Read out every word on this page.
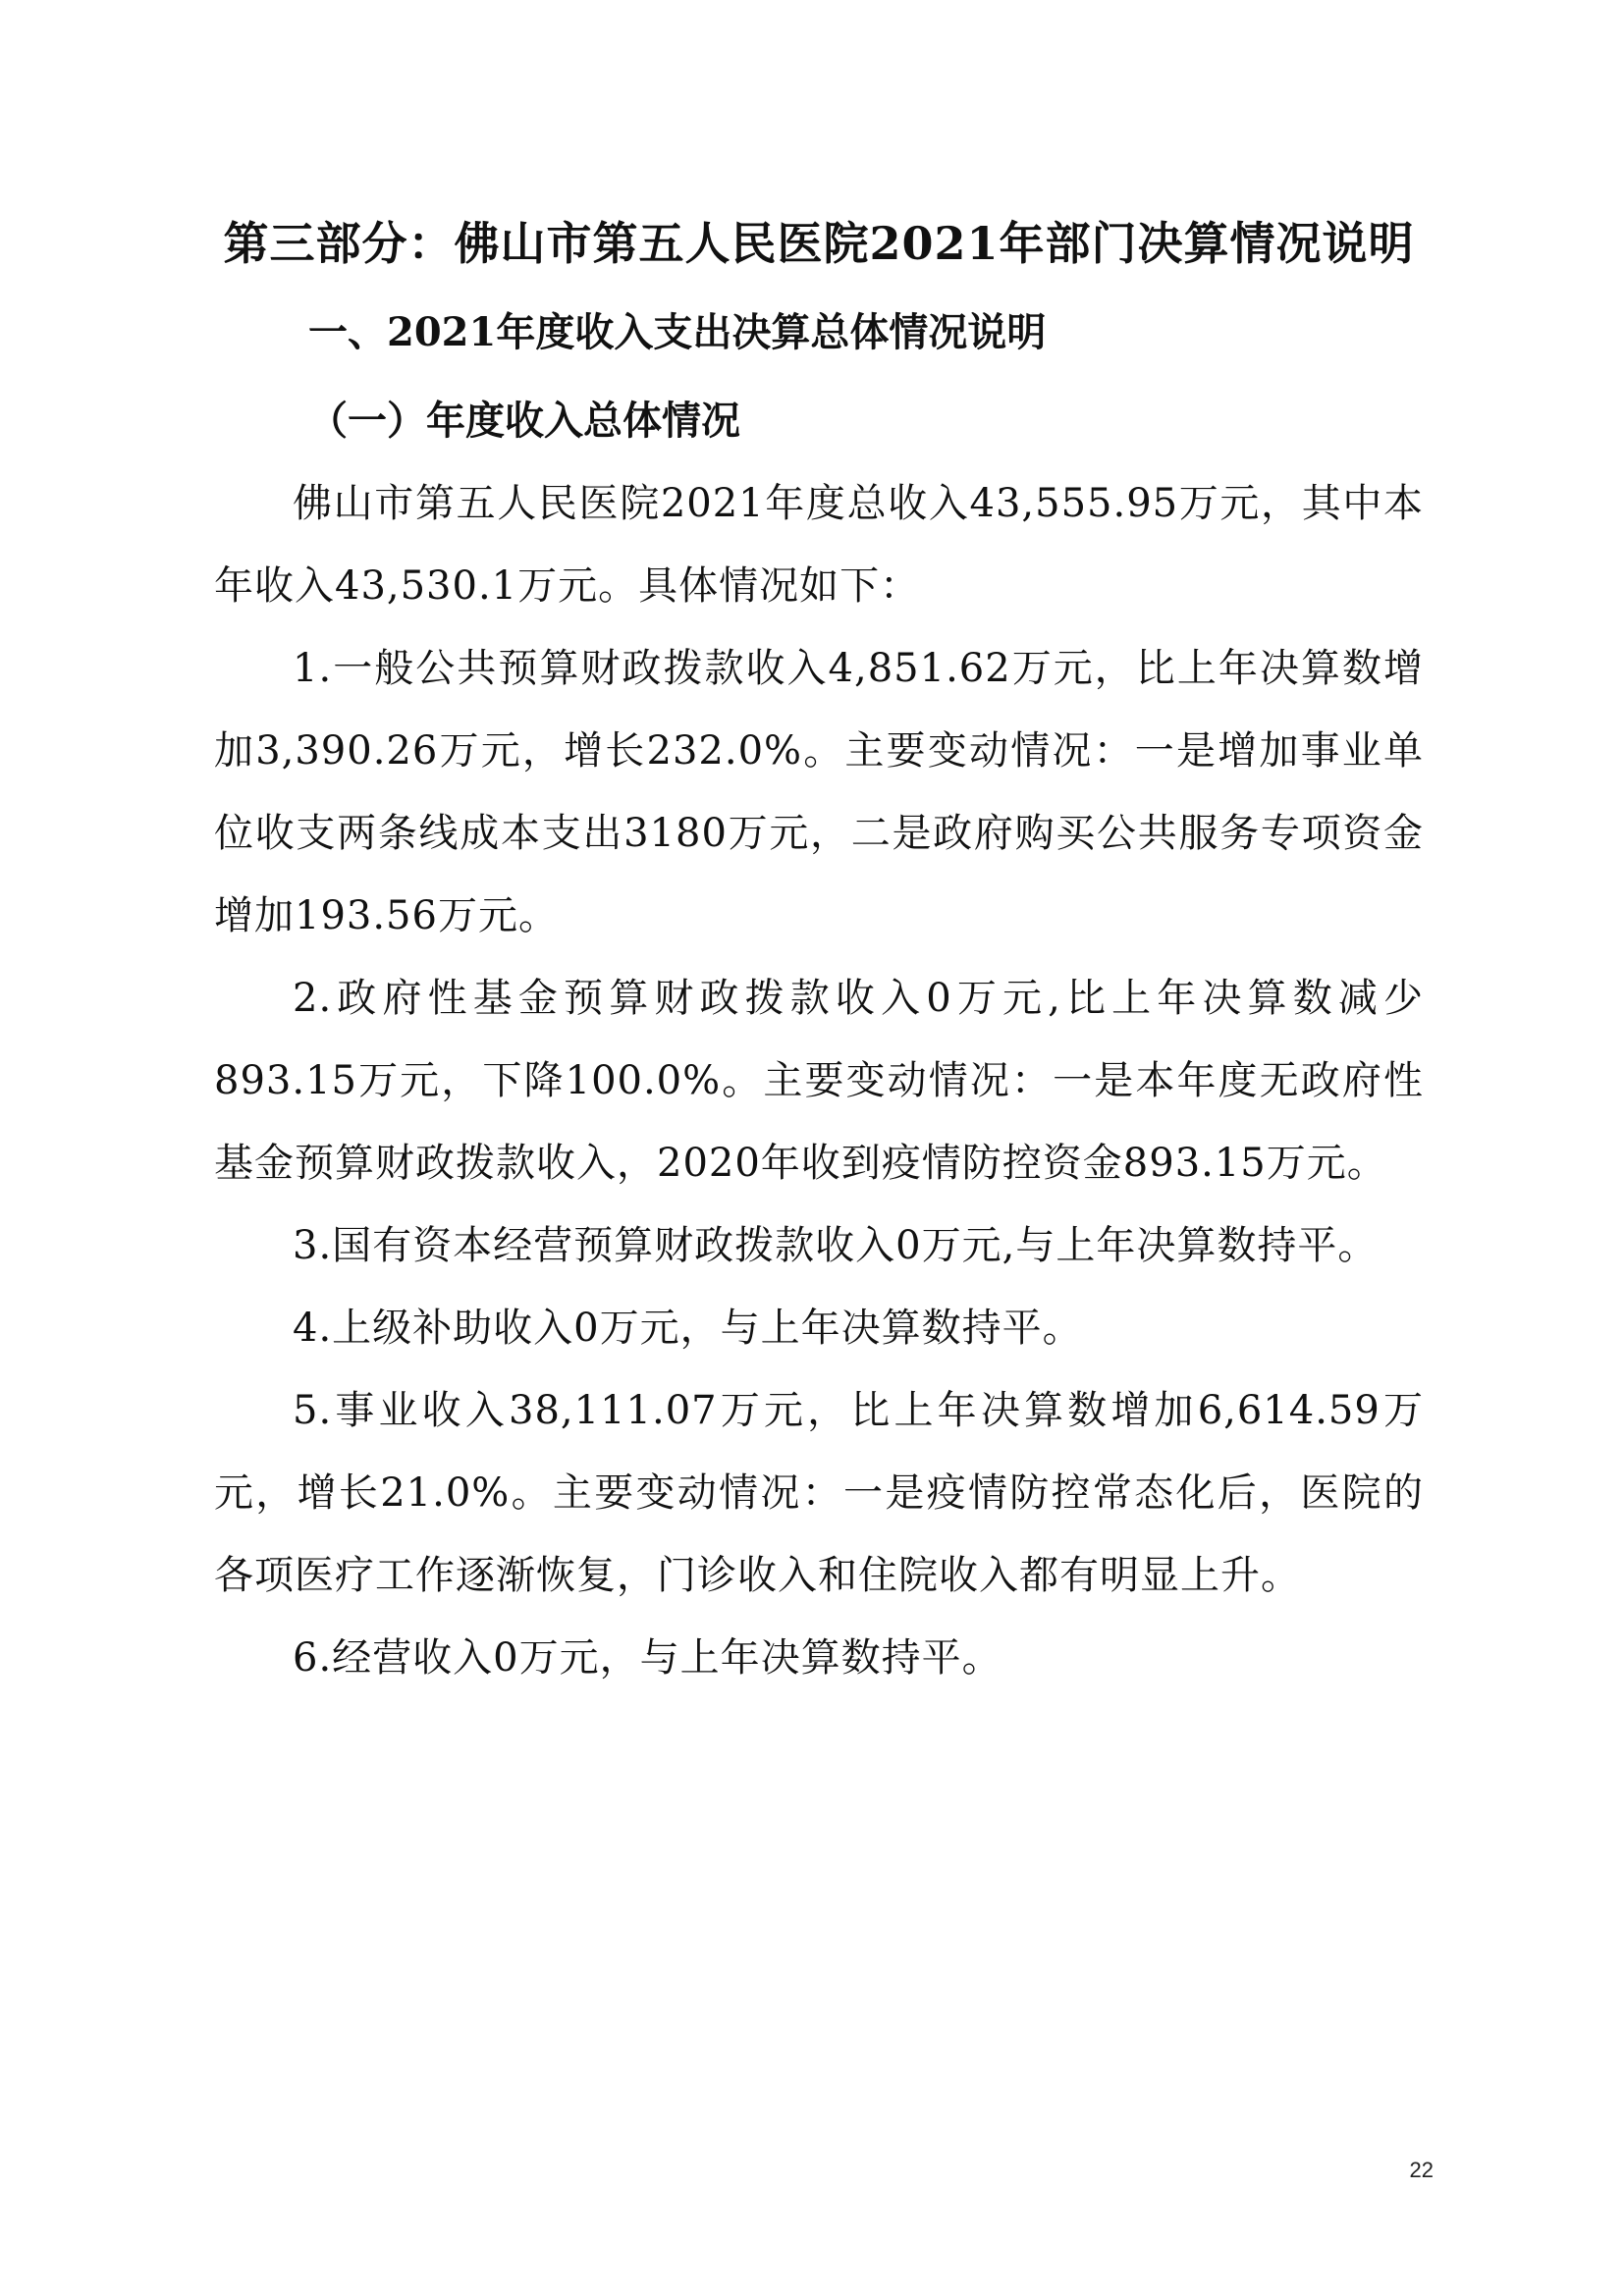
第三部分：佛山市第五人民医院2021年部门决算情况说明
一、2021年度收入支出决算总体情况说明
（一）年度收入总体情况

佛山市第五人民医院2021年度总收入43,555.95万元，其中本年收入43,530.1万元。具体情况如下：

1.一般公共预算财政拨款收入4,851.62万元，比上年决算数增加3,390.26万元，增长232.0%。主要变动情况：一是增加事业单位收支两条线成本支出3180万元，二是政府购买公共服务专项资金增加193.56万元。

2.政府性基金预算财政拨款收入0万元,比上年决算数减少893.15万元，下降100.0%。主要变动情况：一是本年度无政府性基金预算财政拨款收入，2020年收到疫情防控资金893.15万元。

3.国有资本经营预算财政拨款收入0万元,与上年决算数持平。

4.上级补助收入0万元，与上年决算数持平。

5.事业收入38,111.07万元，比上年决算数增加6,614.59万元，增长21.0%。主要变动情况：一是疫情防控常态化后，医院的各项医疗工作逐渐恢复，门诊收入和住院收入都有明显上升。

6.经营收入0万元，与上年决算数持平。

22
